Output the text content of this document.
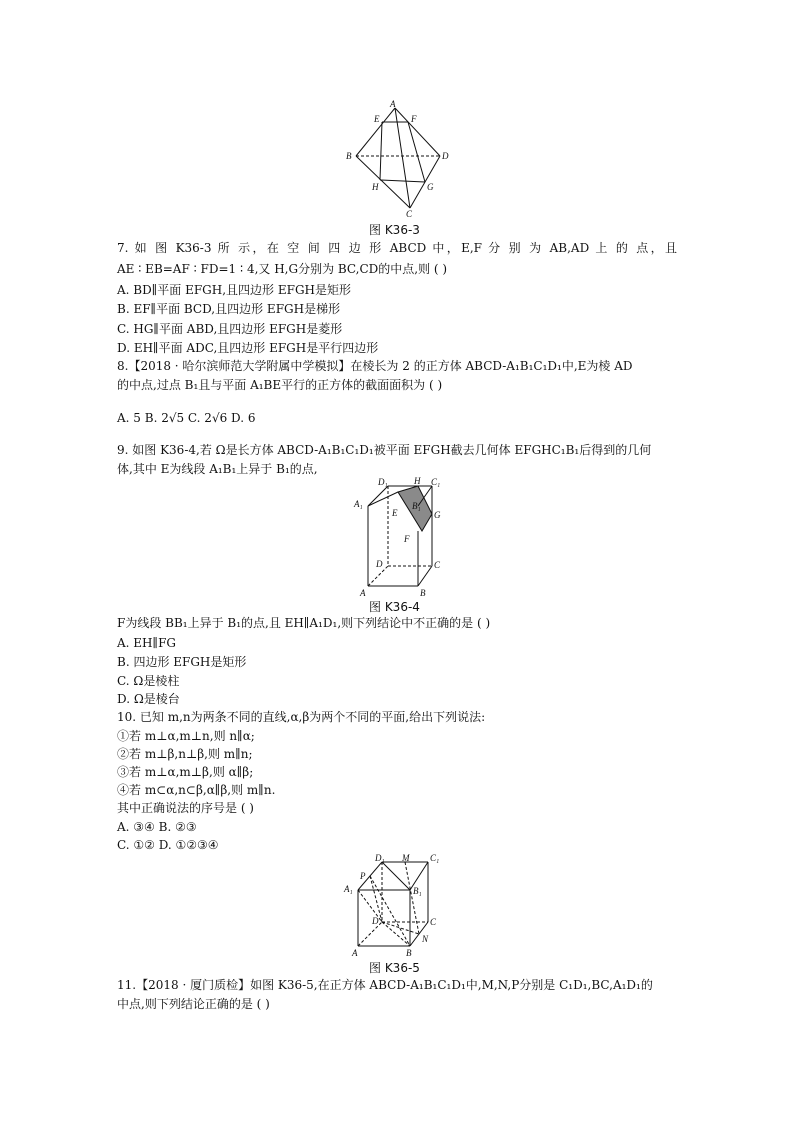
A
E	F
B	D
H	G
C
图 K36-3
7. 如 图 K36-3 所 示，在 空 间 四 边 形 ABCD 中，E,F 分 别 为 AB,AD 上 的 点，且
AE ∶ EB=AF ∶ FD=1 ∶ 4,又 H,G分别为 BC,CD的中点,则 ( )
A. BD∥平面 EFGH,且四边形 EFGH是矩形
B. EF∥平面 BCD,且四边形 EFGH是梯形
C. HG∥平面 ABD,且四边形 EFGH是菱形
D. EH∥平面 ADC,且四边形 EFGH是平行四边形
8.【2018 · 哈尔滨师范大学附属中学模拟】在棱长为 2 的正方体 ABCD-A₁B₁C₁D₁中,E为棱 AD
的中点,过点 B₁且与平面 A₁BE平行的正方体的截面面积为 ( )
A. 5 B. 2√5 C. 2√6 D. 6
9. 如图 K36-4,若 Ω是长方体 ABCD-A₁B₁C₁D₁被平面 EFGH截去几何体 EFGHC₁B₁后得到的几何
体,其中 E为线段 A₁B₁上异于 B₁的点,
D₁	H C₁
A₁
E
B₁
G
F
D	C
A	B
图 K36-4
F为线段 BB₁上异于 B₁的点,且 EH∥A₁D₁,则下列结论中不正确的是 ( )
A. EH∥FG
B. 四边形 EFGH是矩形
C. Ω是棱柱
D. Ω是棱台
10. 已知 m,n为两条不同的直线,α,β为两个不同的平面,给出下列说法:
①若 m⊥α,m⊥n,则 n∥α;
②若 m⊥β,n⊥β,则 m∥n;
③若 m⊥α,m⊥β,则 α∥β;
④若 m⊂α,n⊂β,α∥β,则 m∥n.
其中正确说法的序号是 ( )
A. ③④ B. ②③
C. ①② D. ①②③④
D₁ M C₁
A₁
P
B₁
D	C
A
N
B
图 K36-5
11.【2018 · 厦门质检】如图 K36-5,在正方体 ABCD-A₁B₁C₁D₁中,M,N,P分别是 C₁D₁,BC,A₁D₁的
中点,则下列结论正确的是 ( )
